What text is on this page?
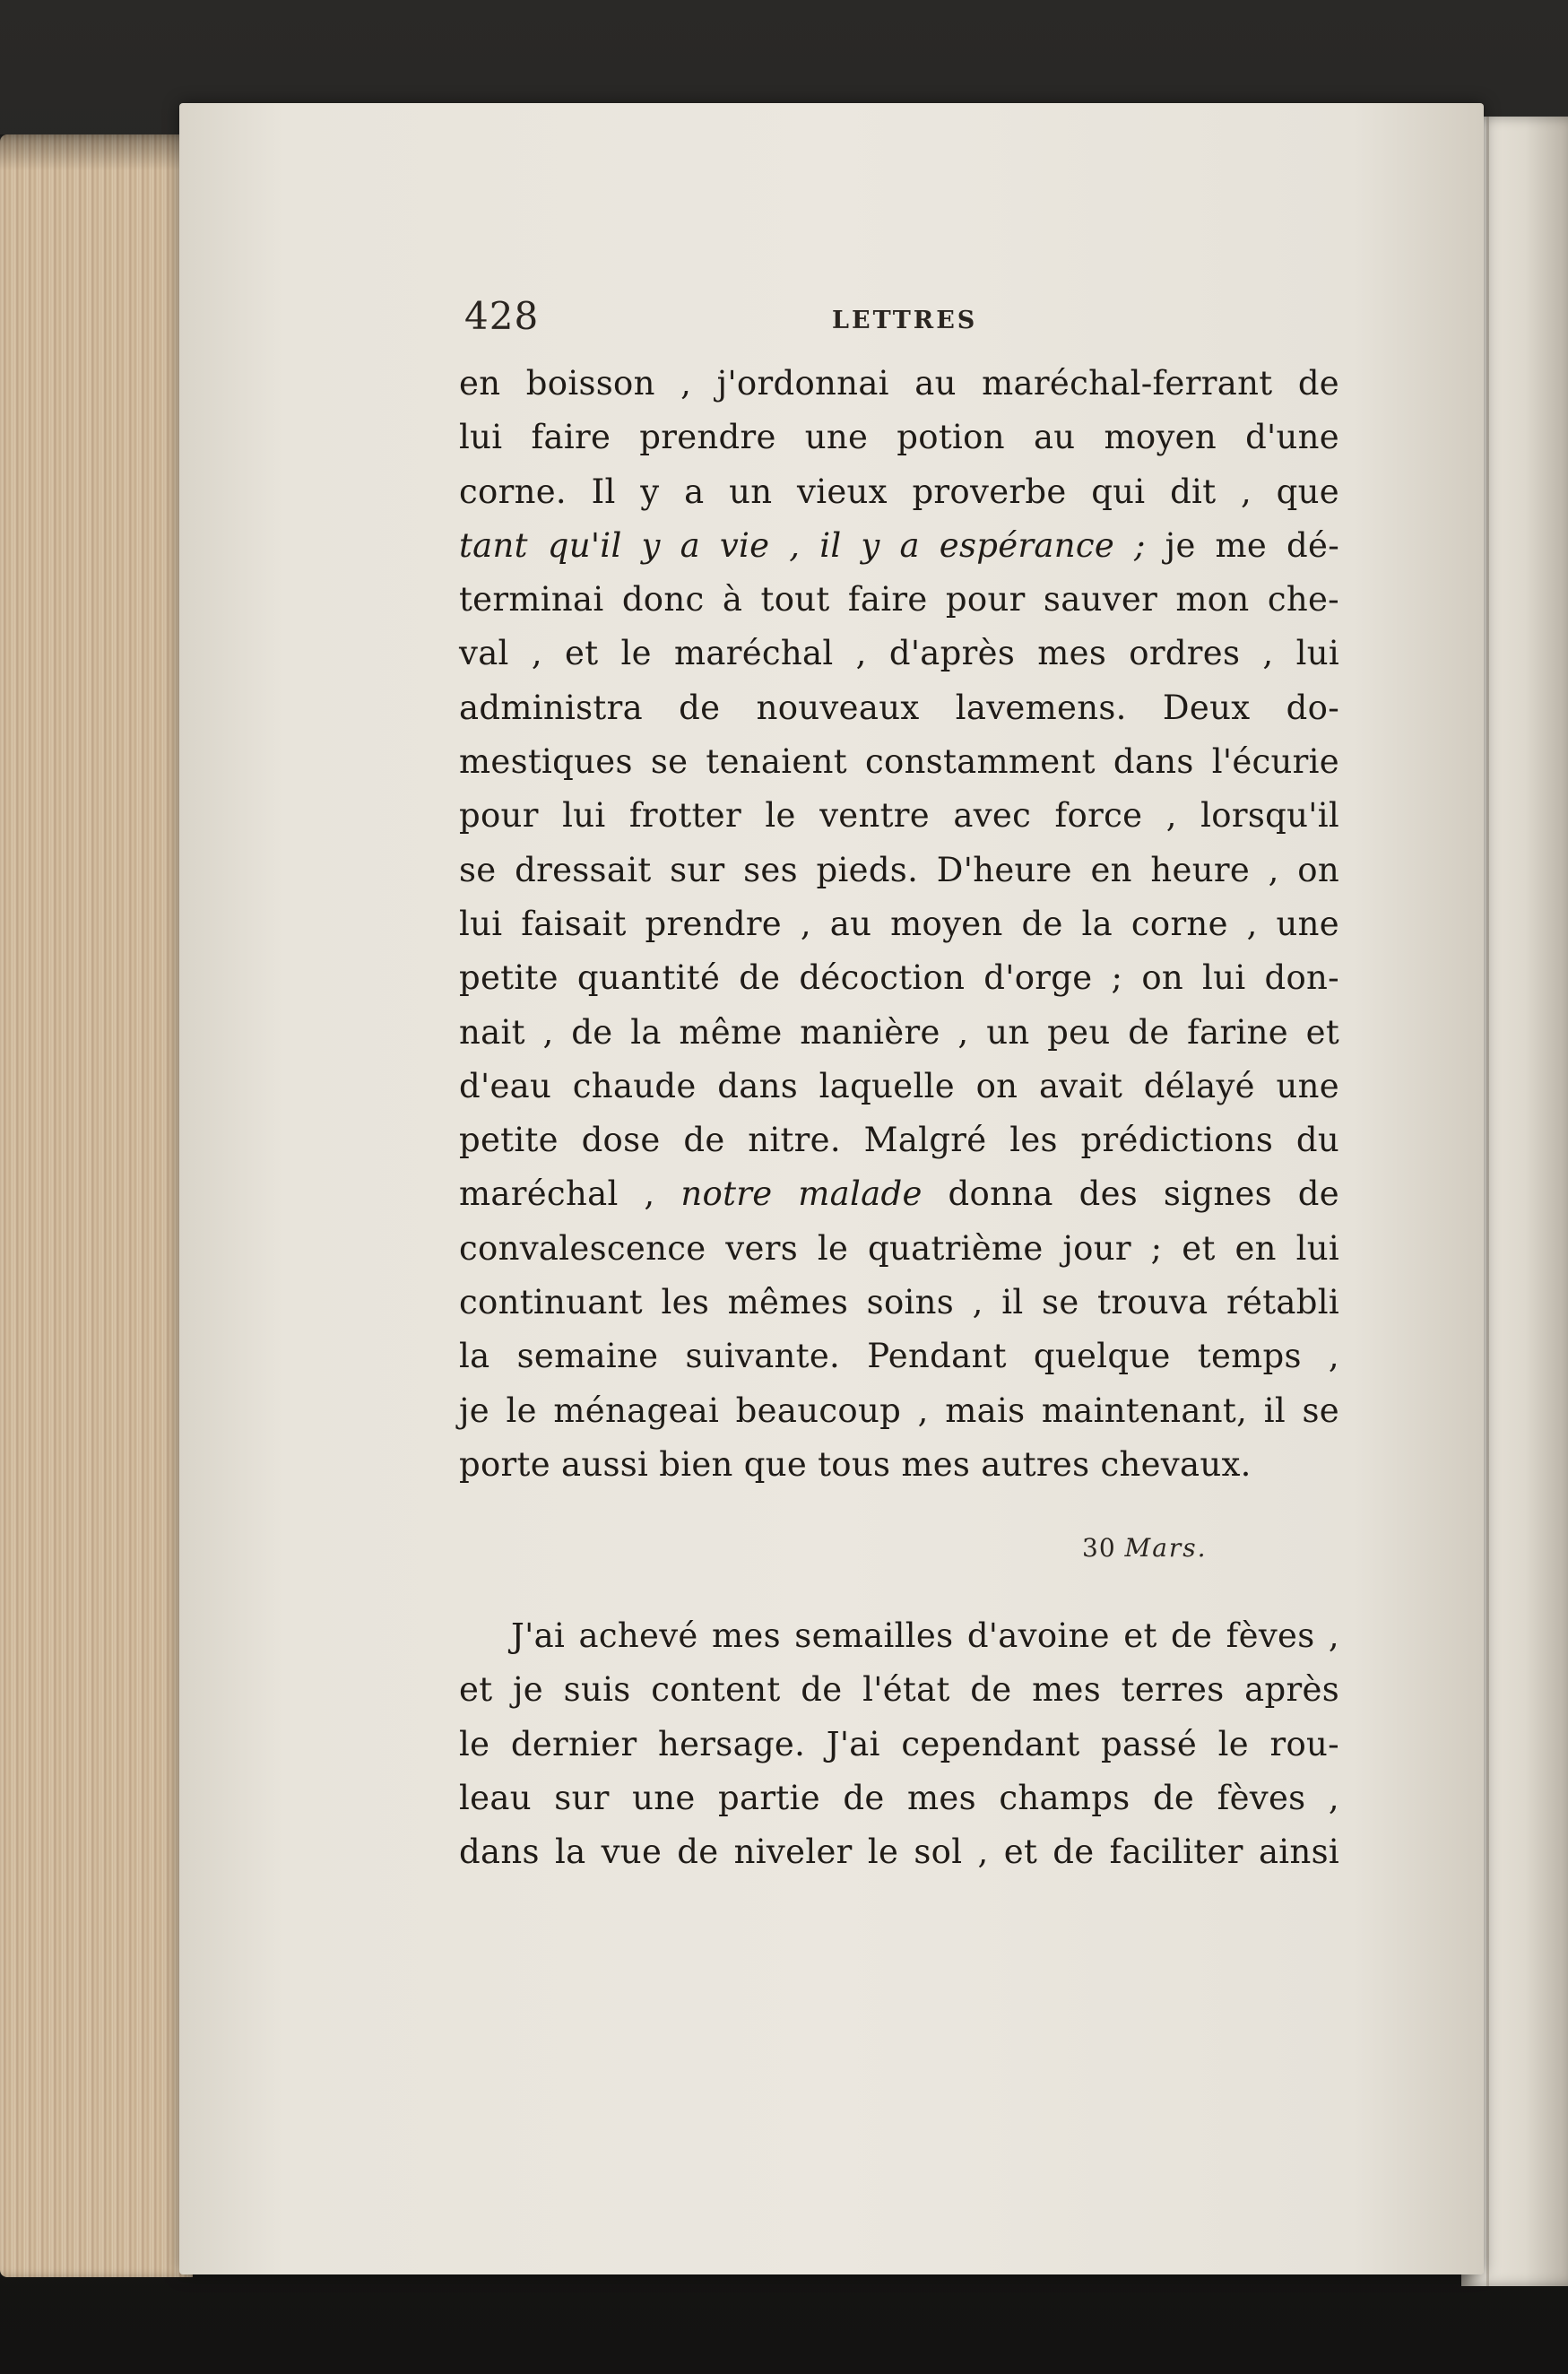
428	LETTRES
en boisson , j'ordonnai au maréchal-ferrant de
lui faire prendre une potion au moyen d'une
corne. Il y a un vieux proverbe qui dit , que
tant qu'il y a vie , il y a espérance ; je me dé-
terminai donc à tout faire pour sauver mon che-
val , et le maréchal , d'après mes ordres , lui
administra de nouveaux lavemens. Deux do-
mestiques se tenaient constamment dans l'écurie
pour lui frotter le ventre avec force , lorsqu'il
se dressait sur ses pieds. D'heure en heure , on
lui faisait prendre , au moyen de la corne , une
petite quantité de décoction d'orge ; on lui don-
nait , de la même manière , un peu de farine et
d'eau chaude dans laquelle on avait délayé une
petite dose de nitre. Malgré les prédictions du
maréchal , notre malade donna des signes de
convalescence vers le quatrième jour ; et en lui
continuant les mêmes soins , il se trouva rétabli
la semaine suivante. Pendant quelque temps ,
je le ménageai beaucoup , mais maintenant, il se
porte aussi bien que tous mes autres chevaux.
30 Mars.
J'ai achevé mes semailles d'avoine et de fèves ,
et je suis content de l'état de mes terres après
le dernier hersage. J'ai cependant passé le rou-
leau sur une partie de mes champs de fèves ,
dans la vue de niveler le sol , et de faciliter ainsi
